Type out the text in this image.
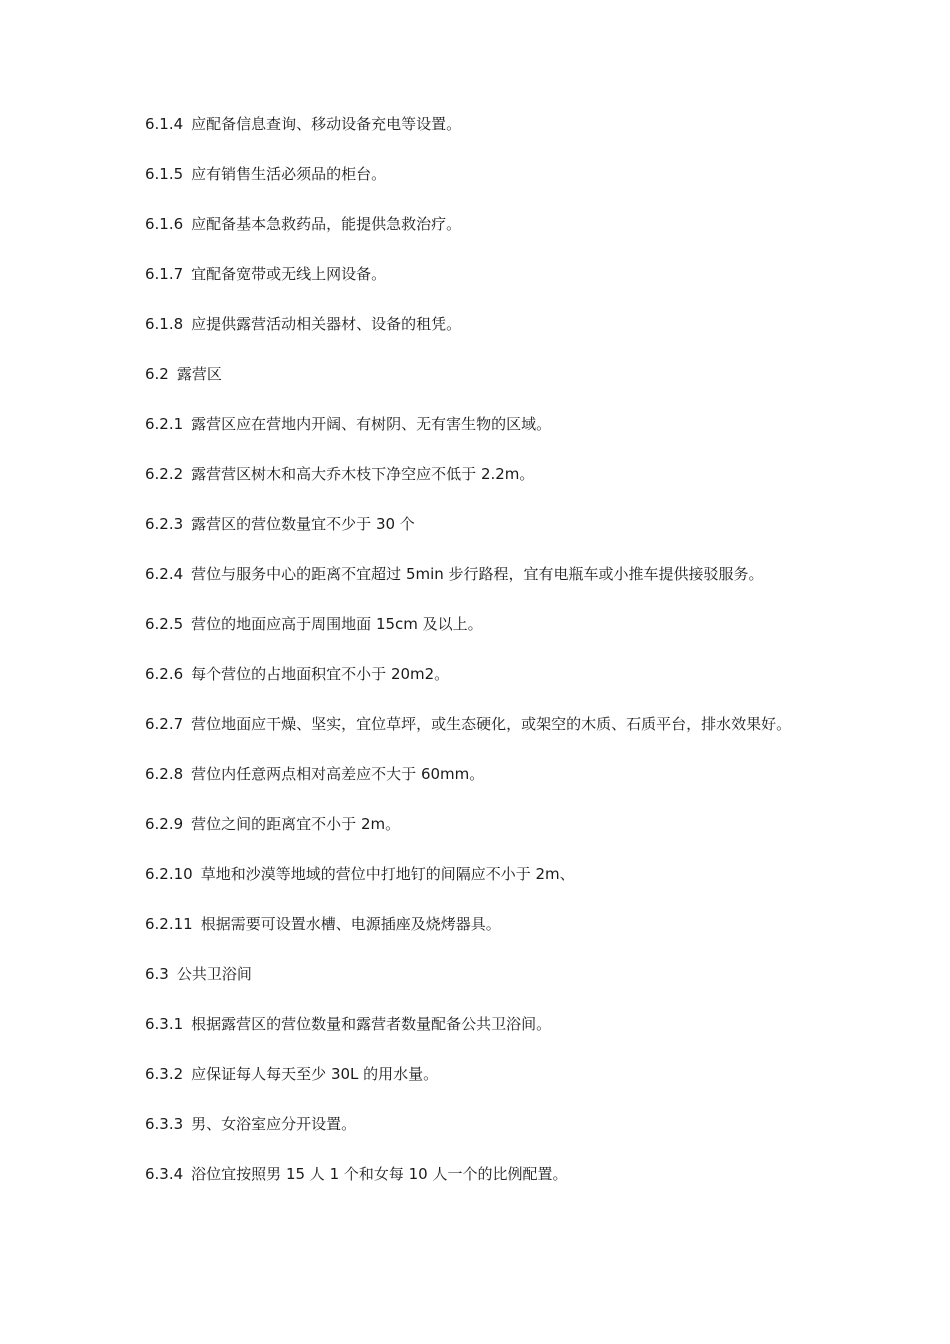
6.1.4 应配备信息查询、移动设备充电等设置。

6.1.5 应有销售生活必须品的柜台。

6.1.6 应配备基本急救药品，能提供急救治疗。

6.1.7 宜配备宽带或无线上网设备。

6.1.8 应提供露营活动相关器材、设备的租凭。

6.2 露营区

6.2.1 露营区应在营地内开阔、有树阴、无有害生物的区域。

6.2.2 露营营区树木和高大乔木枝下净空应不低于 2.2m。

6.2.3 露营区的营位数量宜不少于 30 个

6.2.4 营位与服务中心的距离不宜超过 5min 步行路程，宜有电瓶车或小推车提供接驳服务。

6.2.5 营位的地面应高于周围地面 15cm 及以上。

6.2.6 每个营位的占地面积宜不小于 20m2。

6.2.7 营位地面应干燥、坚实，宜位草坪，或生态硬化，或架空的木质、石质平台，排水效果好。

6.2.8 营位内任意两点相对高差应不大于 60mm。

6.2.9 营位之间的距离宜不小于 2m。

6.2.10 草地和沙漠等地域的营位中打地钉的间隔应不小于 2m、

6.2.11 根据需要可设置水槽、电源插座及烧烤器具。

6.3 公共卫浴间

6.3.1 根据露营区的营位数量和露营者数量配备公共卫浴间。

6.3.2 应保证每人每天至少 30L 的用水量。

6.3.3 男、女浴室应分开设置。

6.3.4 浴位宜按照男 15 人 1 个和女每 10 人一个的比例配置。
